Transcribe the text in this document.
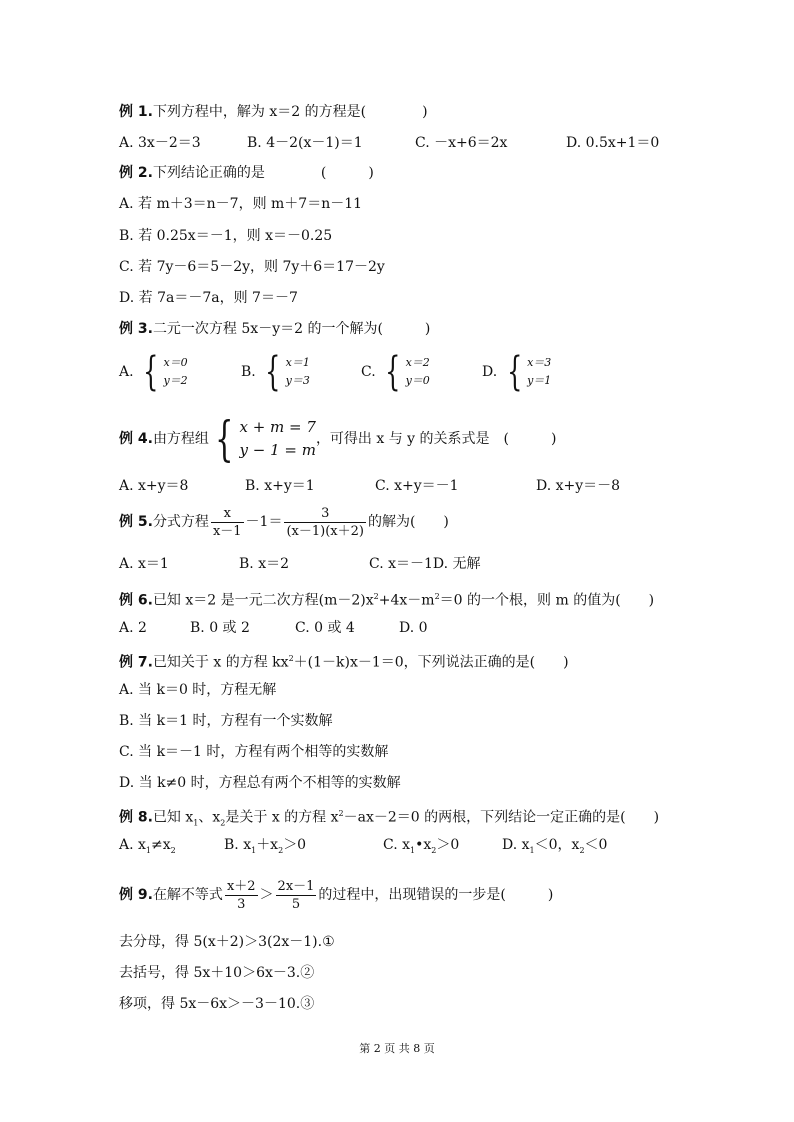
例 1.下列方程中，解为 x＝2 的方程是(　　　　)
A. 3x－2＝3	B. 4－2(x－1)＝1	C. －x+6＝2x	D. 0.5x+1＝0
例 2.下列结论正确的是　　　　(　　　)
A. 若 m＋3＝n－7，则 m＋7＝n－11
B. 若 0.25x＝－1，则 x＝－0.25
C. 若 7y－6＝5－2y，则 7y＋6＝17－2y
D. 若 7a＝－7a，则 7＝－7
例 3.二元一次方程 5x－y＝2 的一个解为(　　　)
A.
{ x＝0
y＝2
B.
{ x＝1
y＝3
C.
{ x＝2
y＝0
D.
{ x＝3
y＝1
例 4. 由方程组 { x + m = 7
y − 1 = m
，可得出 x 与 y 的关系式是　(　　　)
A. x+y＝8	B. x+y＝1	C. x+y＝－1	D. x+y＝－8
例 5. 分式方程 $\frac{x}{x-1} -1= \frac{3}{(x-1)(x+2)}$ 的解为(　　)
A. x＝1	B. x＝2	C. x＝－1D. 无解
例 6.已知 x＝2 是一元二次方程$(m-2)x^2+4x-m^2=0$ 的一个根，则 m 的值为(　　)
A. 2	B. 0 或 2	C. 0 或 4	D. 0
例 7.已知关于 x 的方程 $kx^2+(1-k)x-1=0$，下列说法正确的是(　　)
A. 当 k＝0 时，方程无解
B. 当 k＝1 时，方程有一个实数解
C. 当 k＝－1 时，方程有两个相等的实数解
D. 当 k≠0 时，方程总有两个不相等的实数解
例 8.已知 $x_1$、$x_2$是关于 x 的方程 $x^2-ax-2=0$ 的两根，下列结论一定正确的是(　　)
A. $x_1\ne x_2$	B. $x_1+x_2>0$	C. $x_1•x_2>0$	D. $x_1<0$，$x_2<0$
例 9. 在解不等式 $\frac{x+2}{3} > \frac{2x-1}{5}$ 的过程中，出现错误的一步是(　　　)
去分母，得 5(x＋2)＞3(2x－1).①
去括号，得 5x＋10＞6x－3.②
移项，得 5x－6x＞－3－10.③
第 2 页 共 8 页
